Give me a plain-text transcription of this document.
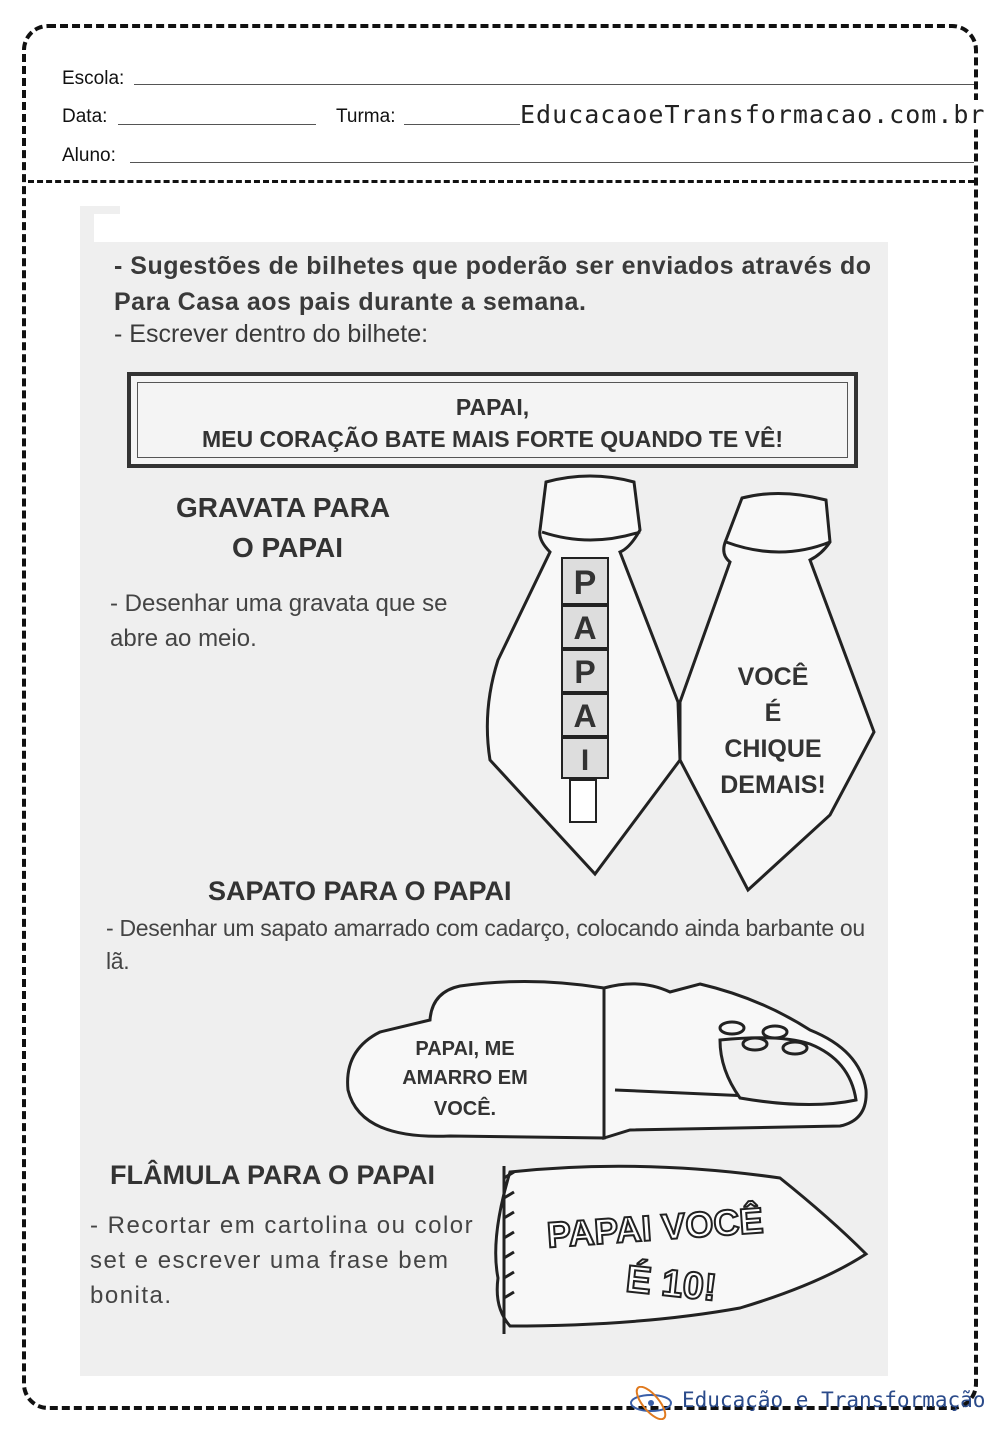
Escola:
Data:	Turma:	EducacaoeTransformacao.com.br
Aluno:
- Sugestões de bilhetes que poderão ser enviados através do Para Casa aos pais durante a semana.
- Escrever dentro do bilhete:
PAPAI,
MEU CORAÇÃO BATE MAIS FORTE QUANDO TE VÊ!
GRAVATA PARA
O PAPAI
- Desenhar uma gravata que se abre ao meio.
P
A
P
A
I
VOCÊ
É
CHIQUE
DEMAIS!
SAPATO PARA O PAPAI
- Desenhar um sapato amarrado com cadarço, colocando ainda barbante ou lã.
PAPAI, ME
AMARRO EM
VOCÊ.
FLÂMULA PARA O PAPAI
- Recortar em cartolina ou color set e escrever uma frase bem bonita.
PAPAI VOCÊ
É 10!
Educação e Transformação
